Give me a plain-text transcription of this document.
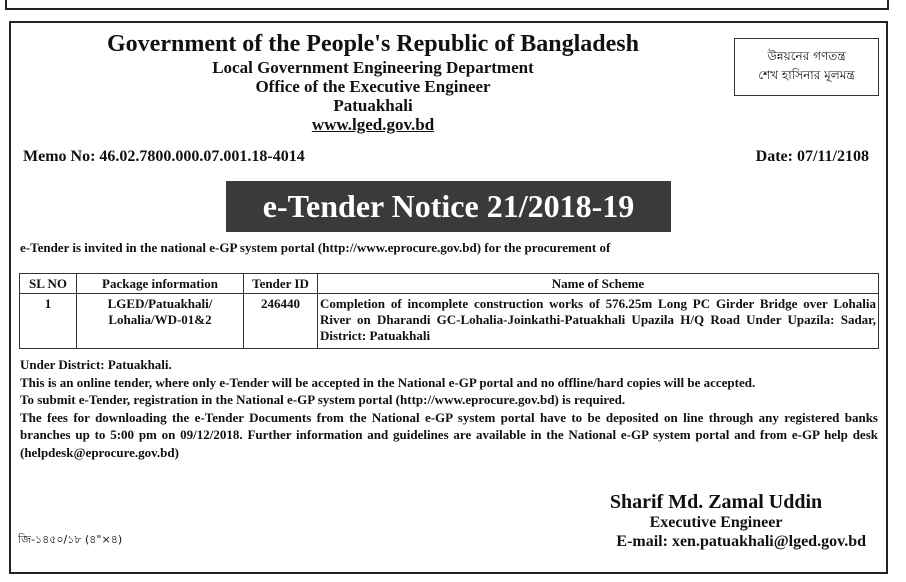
Government of the People's Republic of Bangladesh
Local Government Engineering Department
Office of the Executive Engineer
Patuakhali
www.lged.gov.bd
উন্নয়নের গণতন্ত্র
শেখ হাসিনার মূলমন্ত্র
Memo No: 46.02.7800.000.07.001.18-4014	Date: 07/11/2108
e-Tender Notice 21/2018-19
e-Tender is invited in the national e-GP system portal (http://www.eprocure.gov.bd) for the procurement of
SL NO	Package information	Tender ID	Name of Scheme
1	LGED/Patuakhali/ Lohalia/WD-01&2	246440	Completion of incomplete construction works of 576.25m Long PC Girder Bridge over Lohalia River on Dharandi GC-Lohalia-Joinkathi-Patuakhali Upazila H/Q Road Under Upazila: Sadar, District: Patuakhali

Under District: Patuakhali.

This is an online tender, where only e-Tender will be accepted in the National e-GP portal and no offline/hard copies will be accepted.

To submit e-Tender, registration in the National e-GP system portal (http://www.eprocure.gov.bd) is required.

The fees for downloading the e-Tender Documents from the National e-GP system portal have to be deposited on line through any registered banks branches up to 5:00 pm on 09/12/2018. Further information and guidelines are available in the National e-GP system portal and from e-GP help desk (helpdesk@eprocure.gov.bd)

Sharif Md. Zamal Uddin
Executive Engineer
E-mail: xen.patuakhali@lged.gov.bd
জি-১৪৫০/১৮ (৪"×৪)
